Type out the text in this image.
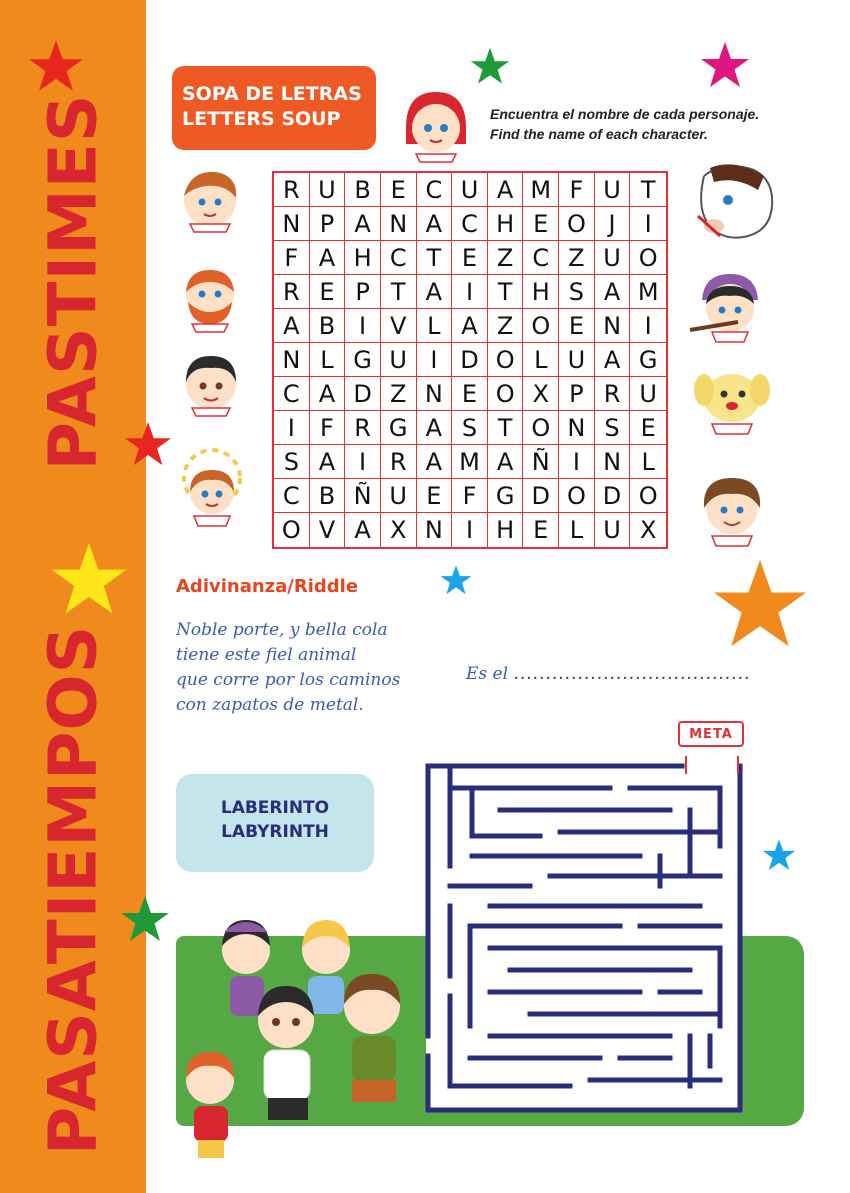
PASTIMES
PASATIEMPOS
SOPA DE LETRAS
LETTERS SOUP	Encuentra el nombre de cada personaje.
Find the name of each character.
R U B E C U A M F U T
N P A N A C H E O J	I
F A H C T E Z C Z U O
R E P T A I	T H S A M
A B I V L A Z O E N I
N L G U I D O L U A G
C A D Z N E O X P R U
I	F R G A S T O N S E
S A I R A M A Ñ I N L
C B Ñ U E F G D O D O
O V A X N I H E L U X
Adivinanza/Riddle
Noble porte, y bella cola
tiene este fiel animal
que corre por los caminos
con zapatos de metal.
Es el .....................................
LABERINTO
LABYRINTH
META
